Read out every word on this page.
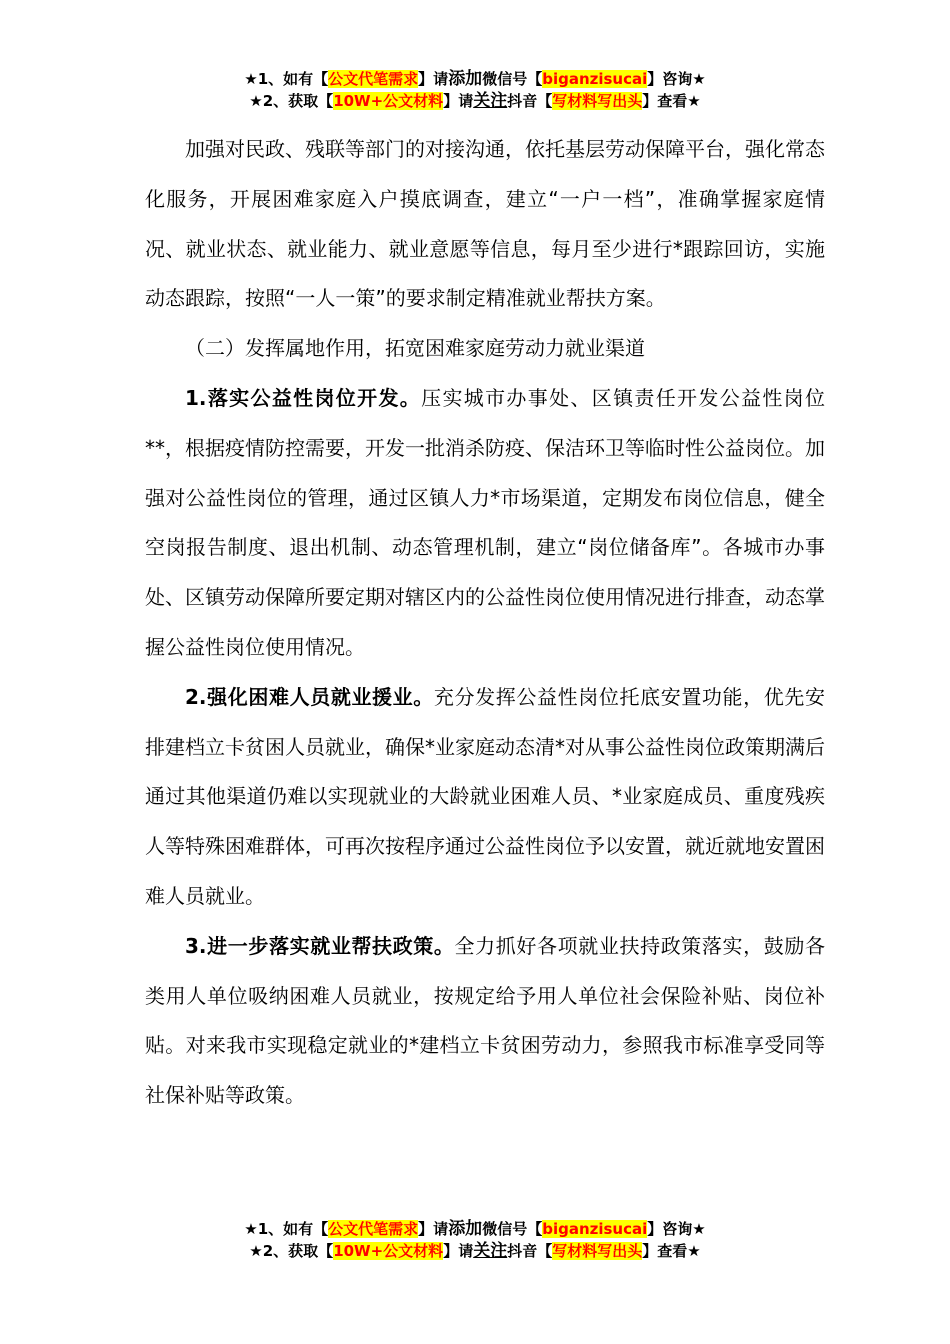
★1、如有【公文代笔需求】请添加微信号【biganzisucai】咨询★
★2、获取【10W+公文材料】请关注抖音【写材料写出头】查看★

加强对民政、残联等部门的对接沟通，依托基层劳动保障平台，强化常态化服务，开展困难家庭入户摸底调查，建立“一户一档”，准确掌握家庭情况、就业状态、就业能力、就业意愿等信息，每月至少进行*跟踪回访，实施动态跟踪，按照“一人一策”的要求制定精准就业帮扶方案。

（二）发挥属地作用，拓宽困难家庭劳动力就业渠道

1.落实公益性岗位开发。压实城市办事处、区镇责任开发公益性岗位**，根据疫情防控需要，开发一批消杀防疫、保洁环卫等临时性公益岗位。加强对公益性岗位的管理，通过区镇人力*市场渠道，定期发布岗位信息，健全空岗报告制度、退出机制、动态管理机制，建立“岗位储备库”。各城市办事处、区镇劳动保障所要定期对辖区内的公益性岗位使用情况进行排查，动态掌握公益性岗位使用情况。

2.强化困难人员就业援业。充分发挥公益性岗位托底安置功能，优先安排建档立卡贫困人员就业，确保*业家庭动态清*对从事公益性岗位政策期满后通过其他渠道仍难以实现就业的大龄就业困难人员、*业家庭成员、重度残疾人等特殊困难群体，可再次按程序通过公益性岗位予以安置，就近就地安置困难人员就业。

3.进一步落实就业帮扶政策。全力抓好各项就业扶持政策落实，鼓励各类用人单位吸纳困难人员就业，按规定给予用人单位社会保险补贴、岗位补贴。对来我市实现稳定就业的*建档立卡贫困劳动力，参照我市标准享受同等社保补贴等政策。

★1、如有【公文代笔需求】请添加微信号【biganzisucai】咨询★
★2、获取【10W+公文材料】请关注抖音【写材料写出头】查看★
